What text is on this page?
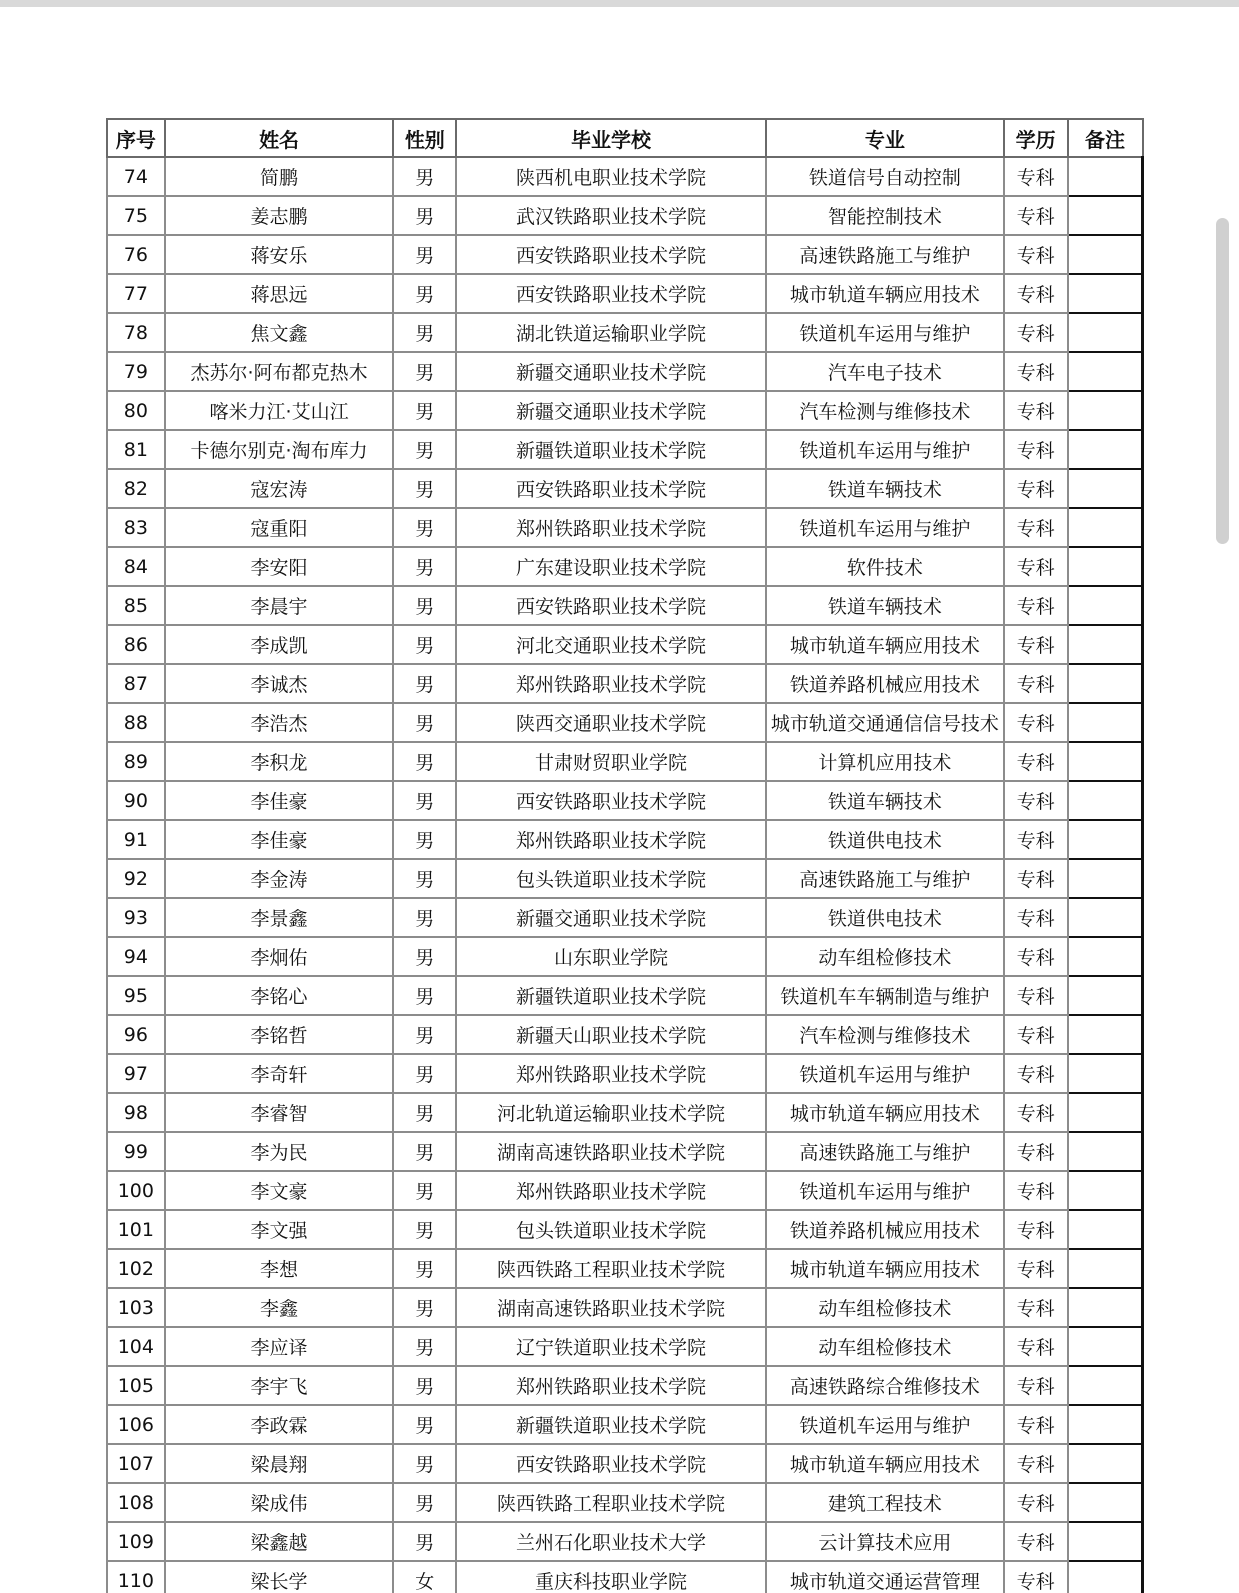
序号	姓名	性别	毕业学校	专业	学历	备注
74	简鹏	男	陕西机电职业技术学院	铁道信号自动控制	专科	
75	姜志鹏	男	武汉铁路职业技术学院	智能控制技术	专科	
76	蒋安乐	男	西安铁路职业技术学院	高速铁路施工与维护	专科	
77	蒋思远	男	西安铁路职业技术学院	城市轨道车辆应用技术	专科	
78	焦文鑫	男	湖北铁道运输职业学院	铁道机车运用与维护	专科	
79	杰苏尔·阿布都克热木	男	新疆交通职业技术学院	汽车电子技术	专科	
80	喀米力江·艾山江	男	新疆交通职业技术学院	汽车检测与维修技术	专科	
81	卡德尔别克·淘布库力	男	新疆铁道职业技术学院	铁道机车运用与维护	专科	
82	寇宏涛	男	西安铁路职业技术学院	铁道车辆技术	专科	
83	寇重阳	男	郑州铁路职业技术学院	铁道机车运用与维护	专科	
84	李安阳	男	广东建设职业技术学院	软件技术	专科	
85	李晨宇	男	西安铁路职业技术学院	铁道车辆技术	专科	
86	李成凯	男	河北交通职业技术学院	城市轨道车辆应用技术	专科	
87	李诚杰	男	郑州铁路职业技术学院	铁道养路机械应用技术	专科	
88	李浩杰	男	陕西交通职业技术学院	城市轨道交通通信信号技术	专科	
89	李积龙	男	甘肃财贸职业学院	计算机应用技术	专科	
90	李佳豪	男	西安铁路职业技术学院	铁道车辆技术	专科	
91	李佳豪	男	郑州铁路职业技术学院	铁道供电技术	专科	
92	李金涛	男	包头铁道职业技术学院	高速铁路施工与维护	专科	
93	李景鑫	男	新疆交通职业技术学院	铁道供电技术	专科	
94	李炯佑	男	山东职业学院	动车组检修技术	专科	
95	李铭心	男	新疆铁道职业技术学院	铁道机车车辆制造与维护	专科	
96	李铭哲	男	新疆天山职业技术学院	汽车检测与维修技术	专科	
97	李奇轩	男	郑州铁路职业技术学院	铁道机车运用与维护	专科	
98	李睿智	男	河北轨道运输职业技术学院	城市轨道车辆应用技术	专科	
99	李为民	男	湖南高速铁路职业技术学院	高速铁路施工与维护	专科	
100	李文豪	男	郑州铁路职业技术学院	铁道机车运用与维护	专科	
101	李文强	男	包头铁道职业技术学院	铁道养路机械应用技术	专科	
102	李想	男	陕西铁路工程职业技术学院	城市轨道车辆应用技术	专科	
103	李鑫	男	湖南高速铁路职业技术学院	动车组检修技术	专科	
104	李应译	男	辽宁铁道职业技术学院	动车组检修技术	专科	
105	李宇飞	男	郑州铁路职业技术学院	高速铁路综合维修技术	专科	
106	李政霖	男	新疆铁道职业技术学院	铁道机车运用与维护	专科	
107	梁晨翔	男	西安铁路职业技术学院	城市轨道车辆应用技术	专科	
108	梁成伟	男	陕西铁路工程职业技术学院	建筑工程技术	专科	
109	梁鑫越	男	兰州石化职业技术大学	云计算技术应用	专科	
110	梁长学	女	重庆科技职业学院	城市轨道交通运营管理	专科	
